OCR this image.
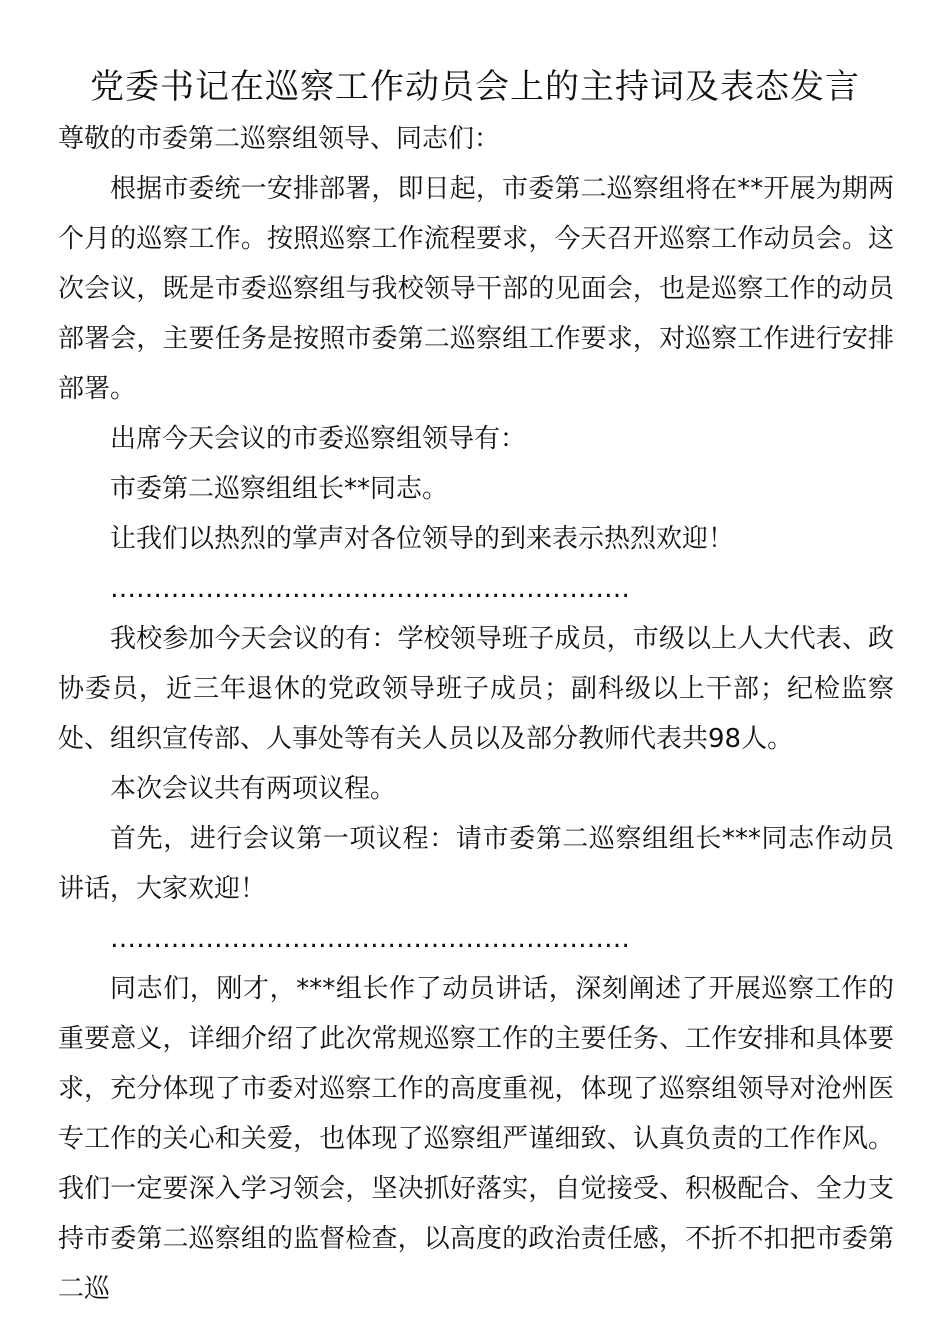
党委书记在巡察工作动员会上的主持词及表态发言

尊敬的市委第二巡察组领导、同志们：

根据市委统一安排部署，即日起，市委第二巡察组将在**开展为期两个月的巡察工作。按照巡察工作流程要求，今天召开巡察工作动员会。这次会议，既是市委巡察组与我校领导干部的见面会，也是巡察工作的动员部署会，主要任务是按照市委第二巡察组工作要求，对巡察工作进行安排部署。

出席今天会议的市委巡察组领导有：

市委第二巡察组组长**同志。

让我们以热烈的掌声对各位领导的到来表示热烈欢迎！

……………………………………………………

我校参加今天会议的有：学校领导班子成员，市级以上人大代表、政协委员，近三年退休的党政领导班子成员；副科级以上干部；纪检监察处、组织宣传部、人事处等有关人员以及部分教师代表共98人。

本次会议共有两项议程。

首先，进行会议第一项议程：请市委第二巡察组组长***同志作动员讲话，大家欢迎！

……………………………………………………

同志们，刚才，***组长作了动员讲话，深刻阐述了开展巡察工作的重要意义，详细介绍了此次常规巡察工作的主要任务、工作安排和具体要求，充分体现了市委对巡察工作的高度重视，体现了巡察组领导对沧州医专工作的关心和关爱，也体现了巡察组严谨细致、认真负责的工作作风。我们一定要深入学习领会，坚决抓好落实，自觉接受、积极配合、全力支持市委第二巡察组的监督检查，以高度的政治责任感，不折不扣把市委第二巡
